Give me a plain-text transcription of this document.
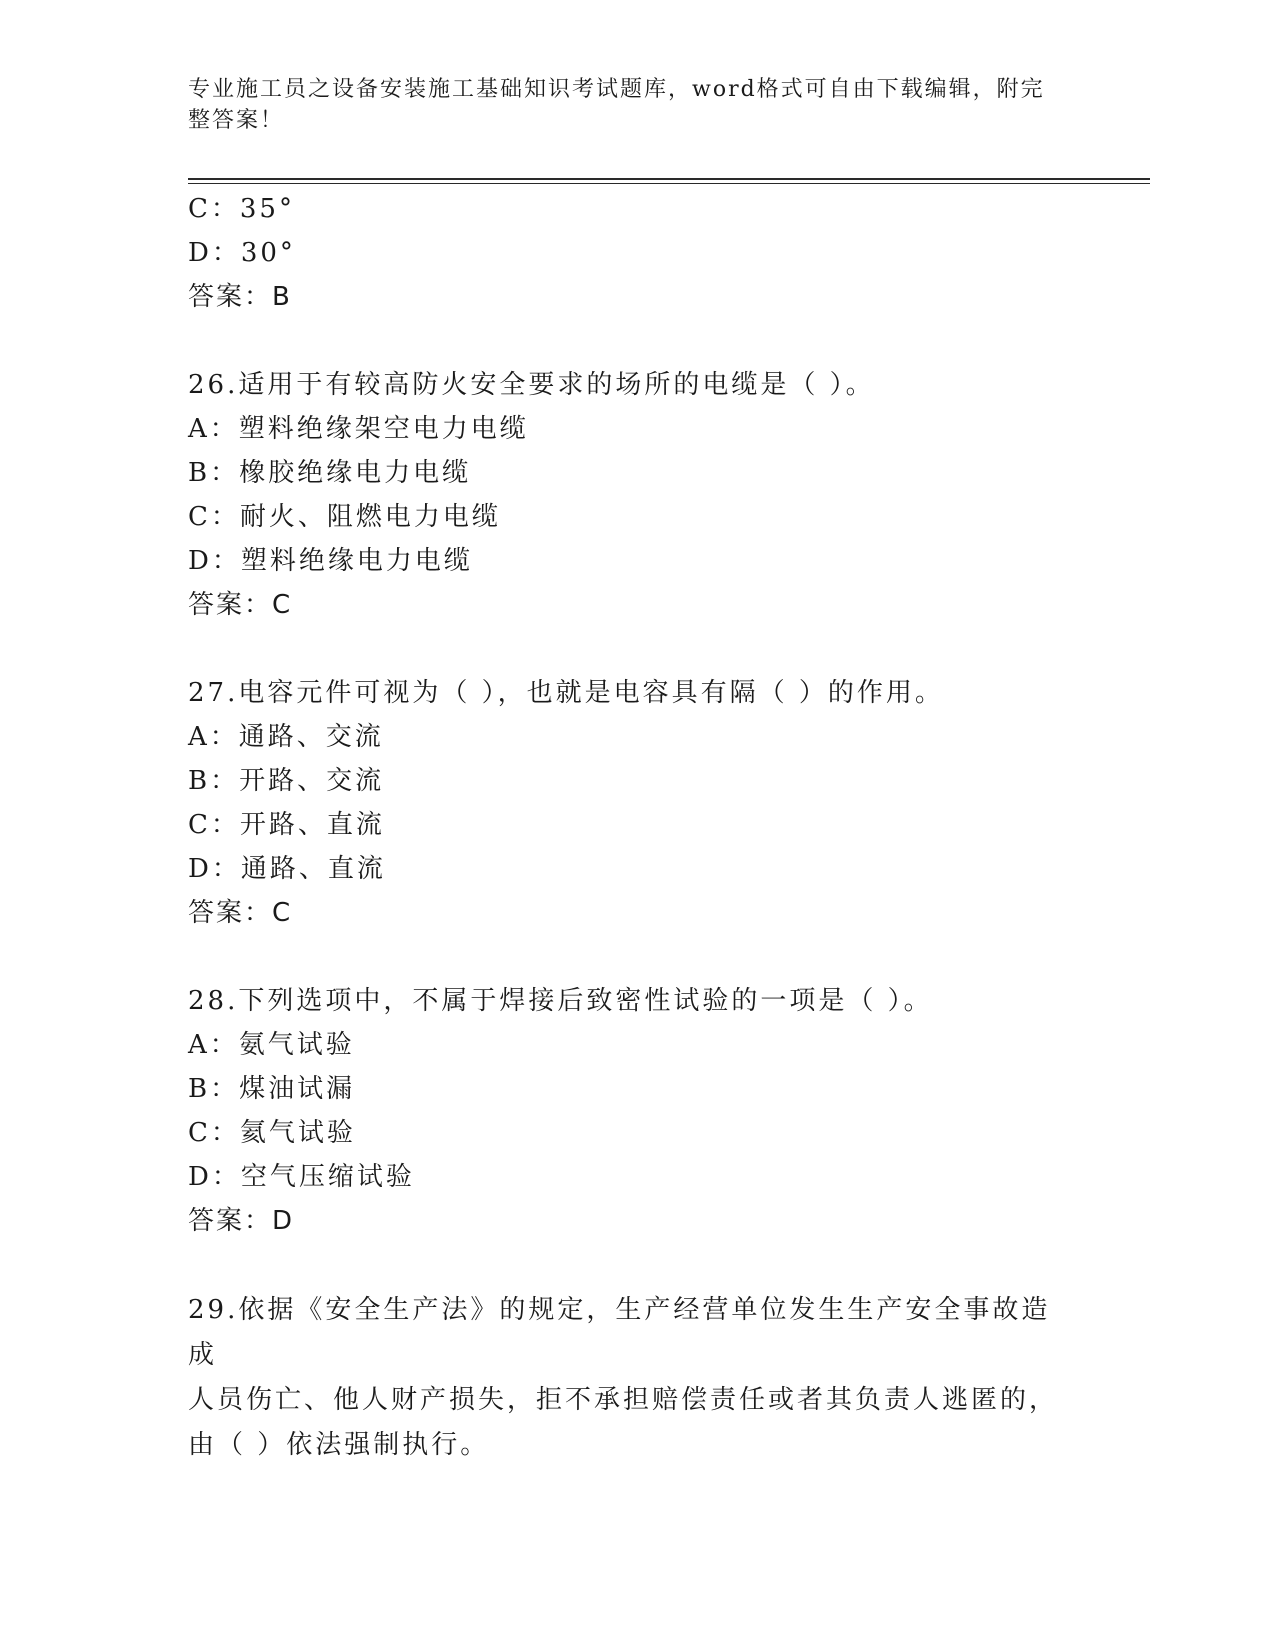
专业施工员之设备安装施工基础知识考试题库，word格式可自由下载编辑，附完
整答案！
C：35°
D：30°
答案：B
26.适用于有较高防火安全要求的场所的电缆是（ ）。
A：塑料绝缘架空电力电缆
B：橡胶绝缘电力电缆
C：耐火、阻燃电力电缆
D：塑料绝缘电力电缆
答案：C
27.电容元件可视为（ ），也就是电容具有隔（ ）的作用。
A：通路、交流
B：开路、交流
C：开路、直流
D：通路、直流
答案：C
28.下列选项中，不属于焊接后致密性试验的一项是（ ）。
A：氨气试验
B：煤油试漏
C：氦气试验
D：空气压缩试验
答案：D
29.依据《安全生产法》的规定，生产经营单位发生生产安全事故造成
人员伤亡、他人财产损失，拒不承担赔偿责任或者其负责人逃匿的，
由（ ）依法强制执行。
